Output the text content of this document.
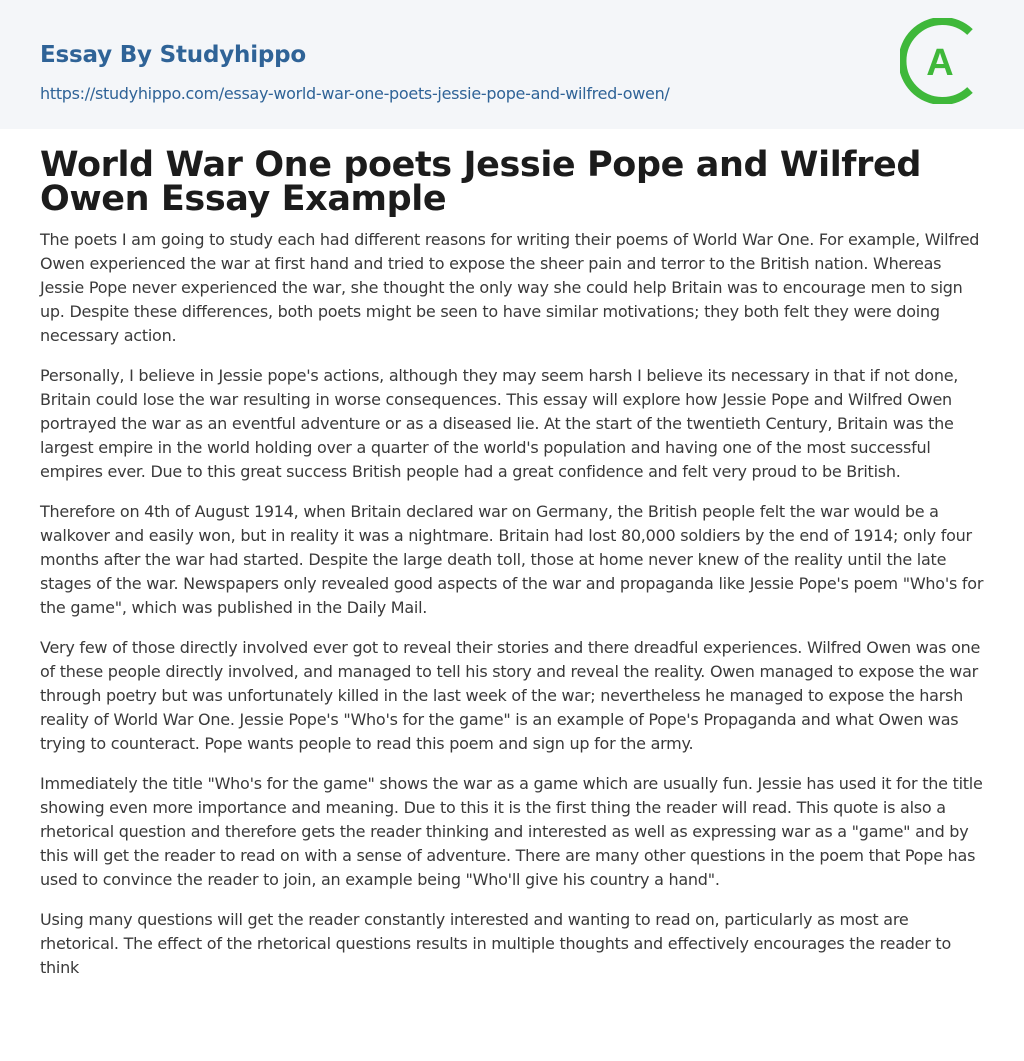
Essay By Studyhippo
https://studyhippo.com/essay-world-war-one-poets-jessie-pope-and-wilfred-owen/
A
World War One poets Jessie Pope and Wilfred Owen Essay Example

The poets I am going to study each had different reasons for writing their poems of World War One. For example, Wilfred Owen experienced the war at first hand and tried to expose the sheer pain and terror to the British nation. Whereas Jessie Pope never experienced the war, she thought the only way she could help Britain was to encourage men to sign up. Despite these differences, both poets might be seen to have similar motivations; they both felt they were doing necessary action.

Personally, I believe in Jessie pope's actions, although they may seem harsh I believe its necessary in that if not done, Britain could lose the war resulting in worse consequences. This essay will explore how Jessie Pope and Wilfred Owen portrayed the war as an eventful adventure or as a diseased lie. At the start of the twentieth Century, Britain was the largest empire in the world holding over a quarter of the world's population and having one of the most successful empires ever. Due to this great success British people had a great confidence and felt very proud to be British.

Therefore on 4th of August 1914, when Britain declared war on Germany, the British people felt the war would be a walkover and easily won, but in reality it was a nightmare. Britain had lost 80,000 soldiers by the end of 1914; only four months after the war had started. Despite the large death toll, those at home never knew of the reality until the late stages of the war. Newspapers only revealed good aspects of the war and propaganda like Jessie Pope's poem "Who's for the game", which was published in the Daily Mail.

Very few of those directly involved ever got to reveal their stories and there dreadful experiences. Wilfred Owen was one of these people directly involved, and managed to tell his story and reveal the reality. Owen managed to expose the war through poetry but was unfortunately killed in the last week of the war; nevertheless he managed to expose the harsh reality of World War One. Jessie Pope's "Who's for the game" is an example of Pope's Propaganda and what Owen was trying to counteract. Pope wants people to read this poem and sign up for the army.

Immediately the title "Who's for the game" shows the war as a game which are usually fun. Jessie has used it for the title showing even more importance and meaning. Due to this it is the first thing the reader will read. This quote is also a rhetorical question and therefore gets the reader thinking and interested as well as expressing war as a "game" and by this will get the reader to read on with a sense of adventure. There are many other questions in the poem that Pope has used to convince the reader to join, an example being "Who'll give his country a hand".

Using many questions will get the reader constantly interested and wanting to read on, particularly as most are rhetorical. The effect of the rhetorical questions results in multiple thoughts and effectively encourages the reader to think
